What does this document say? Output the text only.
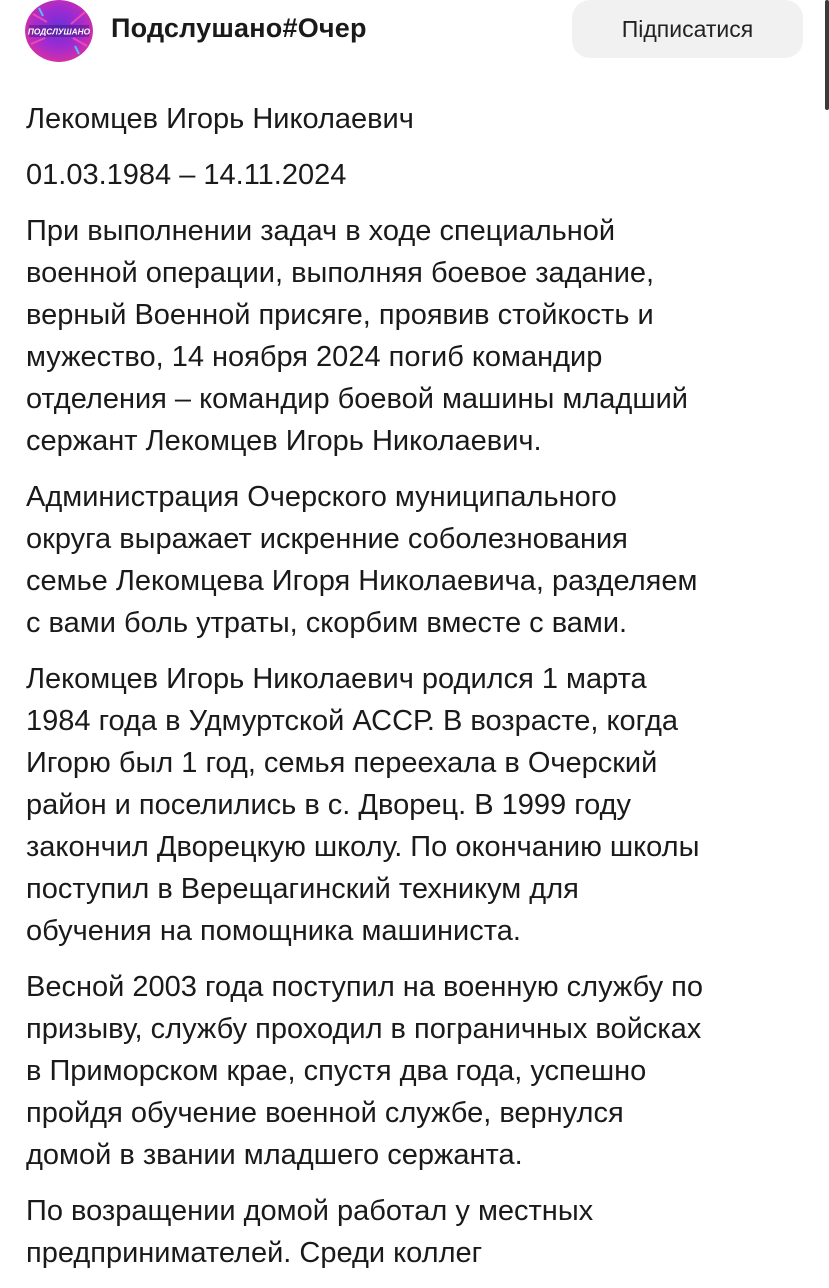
ПОДСЛУШАНО Подслушано#Очер	Підписатися

Лекомцев Игорь Николаевич

01.03.1984 – 14.11.2024

При выполнении задач в ходе специальной
военной операции, выполняя боевое задание,
верный Военной присяге, проявив стойкость и
мужество, 14 ноября 2024 погиб командир
отделения – командир боевой машины младший
сержант Лекомцев Игорь Николаевич.

Администрация Очерского муниципального
округа выражает искренние соболезнования
семье Лекомцева Игоря Николаевича, разделяем
с вами боль утраты, скорбим вместе с вами.

Лекомцев Игорь Николаевич родился 1 марта
1984 года в Удмуртской АССР. В возрасте, когда
Игорю был 1 год, семья переехала в Очерский
район и поселились в с. Дворец. В 1999 году
закончил Дворецкую школу. По окончанию школы
поступил в Верещагинский техникум для
обучения на помощника машиниста.

Весной 2003 года поступил на военную службу по
призыву, службу проходил в пограничных войсках
в Приморском крае, спустя два года, успешно
пройдя обучение военной службе, вернулся
домой в звании младшего сержанта.

По возращении домой работал у местных
предпринимателей. Среди коллег
